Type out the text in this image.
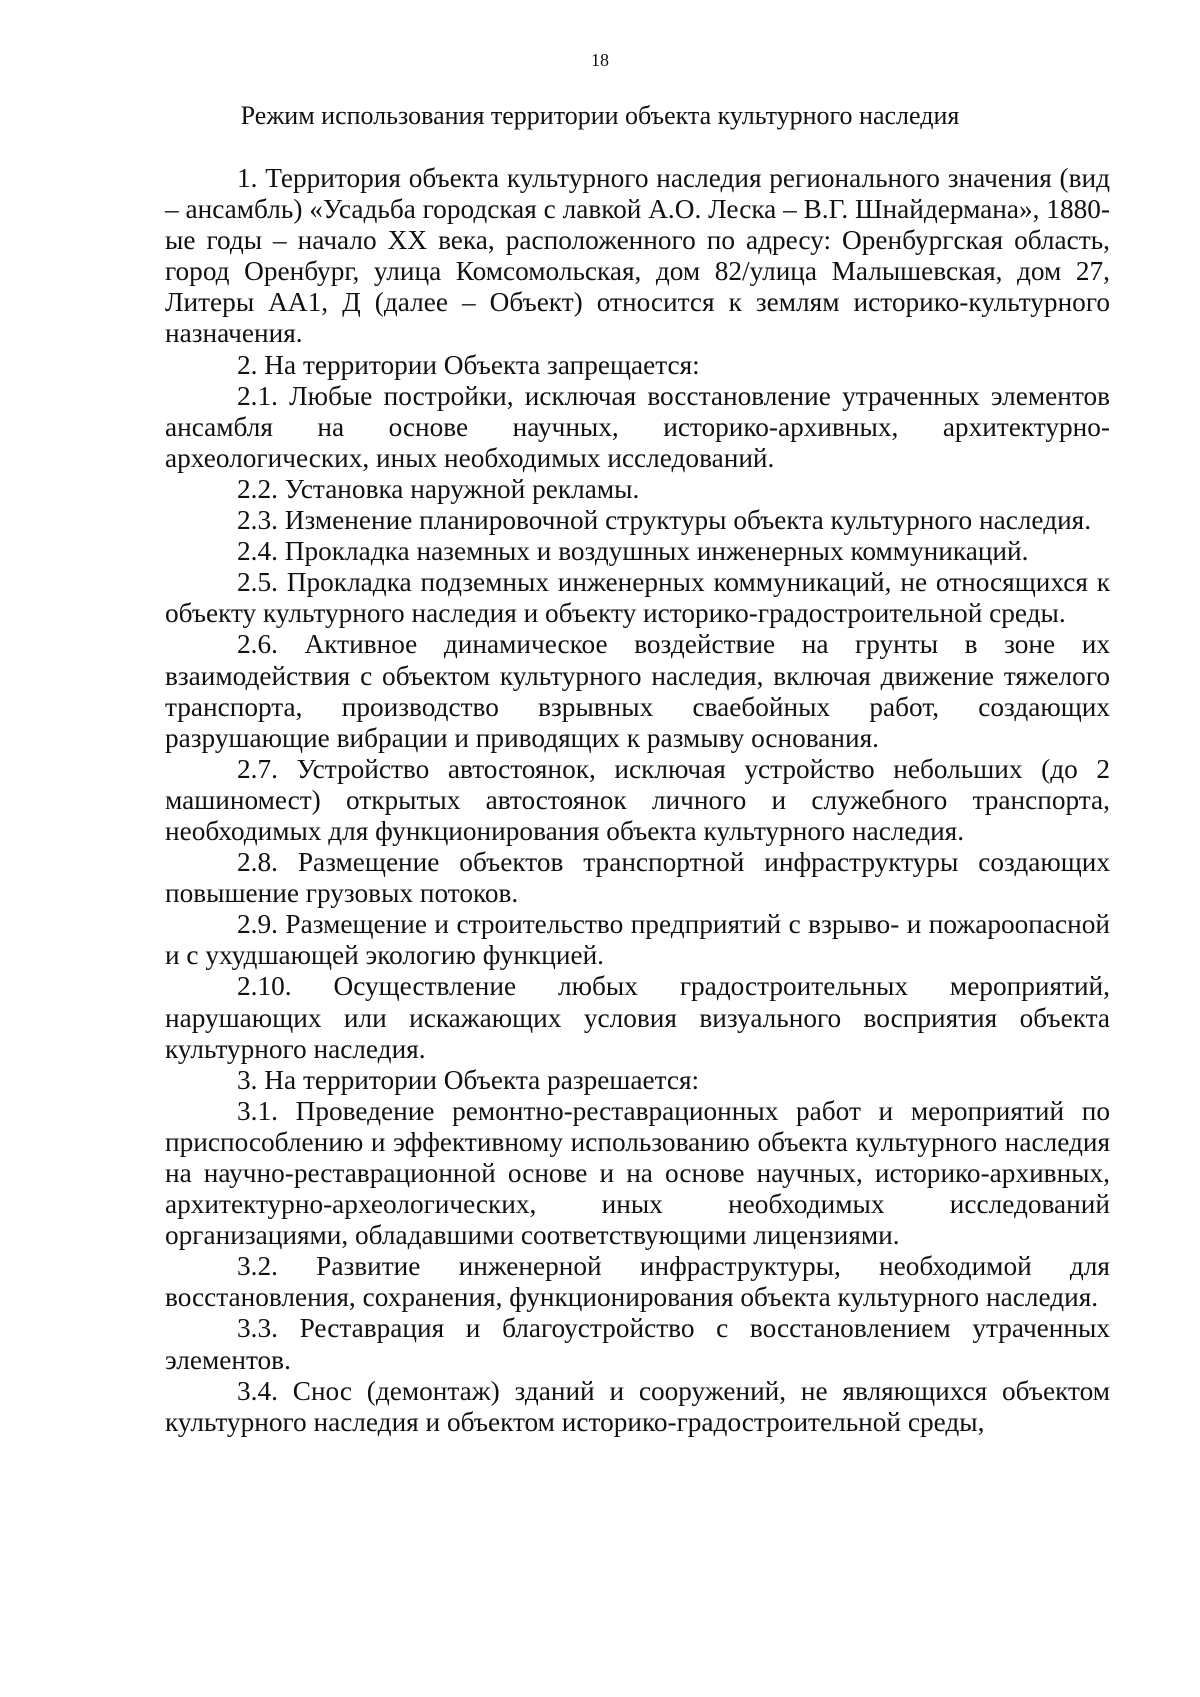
18
Режим использования территории объекта культурного наследия

1. Территория объекта культурного наследия регионального значения (вид – ансамбль) «Усадьба городская с лавкой А.О. Леска – В.Г. Шнайдермана», 1880-ые годы – начало XX века, расположенного по адресу: Оренбургская область, город Оренбург, улица Комсомольская, дом 82/улица Малышевская, дом 27, Литеры АА1, Д (далее – Объект) относится к землям историко-культурного назначения.

2. На территории Объекта запрещается:

2.1. Любые постройки, исключая восстановление утраченных элементов ансамбля на основе научных, историко-архивных, архитектурно-археологических, иных необходимых исследований.

2.2. Установка наружной рекламы.

2.3. Изменение планировочной структуры объекта культурного наследия.

2.4. Прокладка наземных и воздушных инженерных коммуникаций.

2.5. Прокладка подземных инженерных коммуникаций, не относящихся к объекту культурного наследия и объекту историко-градостроительной среды.

2.6. Активное динамическое воздействие на грунты в зоне их взаимодействия с объектом культурного наследия, включая движение тяжелого транспорта, производство взрывных сваебойных работ, создающих разрушающие вибрации и приводящих к размыву основания.

2.7. Устройство автостоянок, исключая устройство небольших (до 2 машиномест) открытых автостоянок личного и служебного транспорта, необходимых для функционирования объекта культурного наследия.

2.8. Размещение объектов транспортной инфраструктуры создающих повышение грузовых потоков.

2.9. Размещение и строительство предприятий с взрыво- и пожароопасной и с ухудшающей экологию функцией.

2.10. Осуществление любых градостроительных мероприятий, нарушающих или искажающих условия визуального восприятия объекта культурного наследия.

3. На территории Объекта разрешается:

3.1. Проведение ремонтно-реставрационных работ и мероприятий по приспособлению и эффективному использованию объекта культурного наследия на научно-реставрационной основе и на основе научных, историко-архивных, архитектурно-археологических, иных необходимых исследований организациями, обладавшими соответствующими лицензиями.

3.2. Развитие инженерной инфраструктуры, необходимой для восстановления, сохранения, функционирования объекта культурного наследия.

3.3. Реставрация и благоустройство с восстановлением утраченных элементов.

3.4. Снос (демонтаж) зданий и сооружений, не являющихся объектом культурного наследия и объектом историко-градостроительной среды,
